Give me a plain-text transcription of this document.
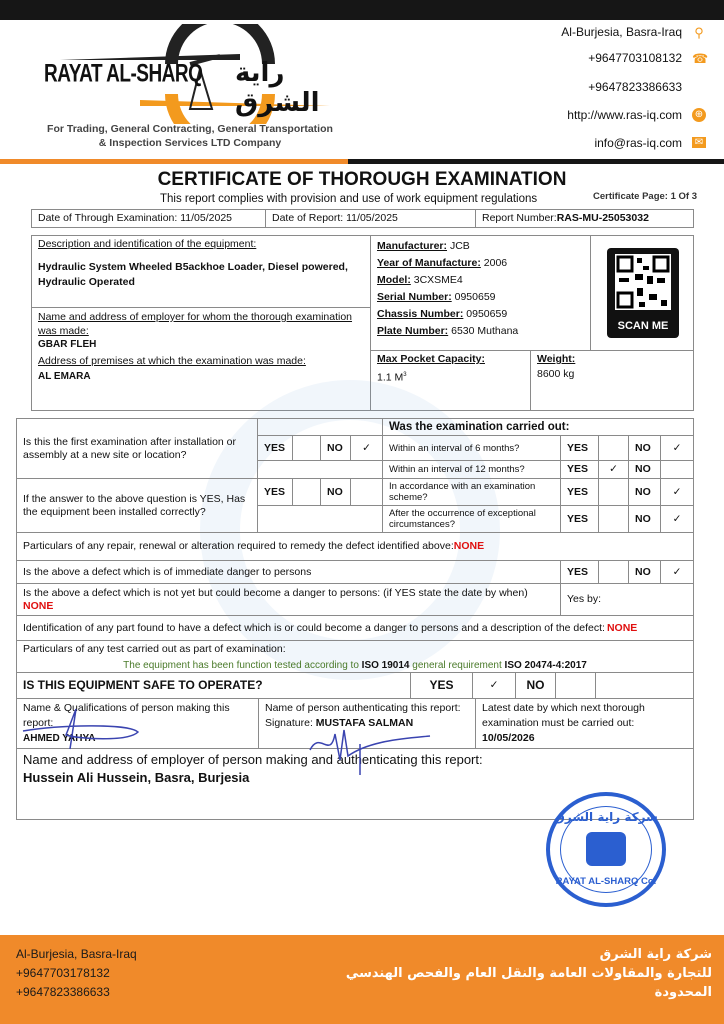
RAYAT AL-SHARQ راية الشرق
For Trading, General Contracting, General Transportation
& Inspection Services LTD Company
Al-Burjesia, Basra-Iraq ⚲
+9647703108132 ☎
+9647823386633
http://www.ras-iq.com ⊕
info@ras-iq.com ✉
CERTIFICATE OF THOROUGH EXAMINATION
This report complies with provision and use of work equipment regulations	Certificate Page: 1 Of 3
Date of Through Examination: 11/05/2025	Date of Report: 11/05/2025	Report Number: RAS-MU-25053032
Description and identification of the equipment:
Hydraulic System Wheeled B5ackhoe Loader, Diesel powered, Hydraulic Operated
Name and address of employer for whom the thorough examination was made:
GBAR FLEH
Address of premises at which the examination was made:
AL EMARA
Manufacturer: JCB
Year of Manufacture: 2006
Model: 3CXSME4
Serial Number: 0950659
Chassis Number: 0950659
Plate Number: 6530 Muthana	SCAN ME
Max Pocket Capacity:
1.1 $M^3$
Weight:
8600 kg
Is this the first examination after installation or assembly at a new site or location?
YES	NO	✓
If the answer to the above question is YES, Has the equipment been installed correctly?
YES	NO
Was the examination carried out:
Within an interval of 6 months?	YES	NO	✓
Within an interval of 12 months?	YES	✓	NO
In accordance with an examination scheme?	YES	NO	✓
After the occurrence of exceptional circumstances?	YES	NO	✓
Particulars of any repair, renewal or alteration required to remedy the defect identified above: NONE
Is the above a defect which is of immediate danger to persons	YES	NO	✓
Is the above a defect which is not yet but could become a danger to persons: (if YES state the date by when) NONE
Yes by:
Identification of any part found to have a defect which is or could become a danger to persons and a description of the defect: NONE
Particulars of any test carried out as part of examination:
The equipment has been function tested according to ISO 19014 general requirement ISO 20474-4:2017
IS THIS EQUIPMENT SAFE TO OPERATE?	YES	✓	NO
Name & Qualifications of person making this report:
AHMED YAHYA
Name of person authenticating this report:
Signature: MUSTAFA SALMAN
Latest date by which next thorough examination must be carried out:
10/05/2026
Name and address of employer of person making and authenticating this report:
Hussein Ali Hussein, Basra, Burjesia
شركة راية الشرق
RAYAT AL-SHARQ Co.
Al-Burjesia, Basra-Iraq
+9647703178132
+9647823386633
شركة راية الشرق
للتجارة والمقاولات العامة والنقل العام والفحص الهندسي
المحدودة
